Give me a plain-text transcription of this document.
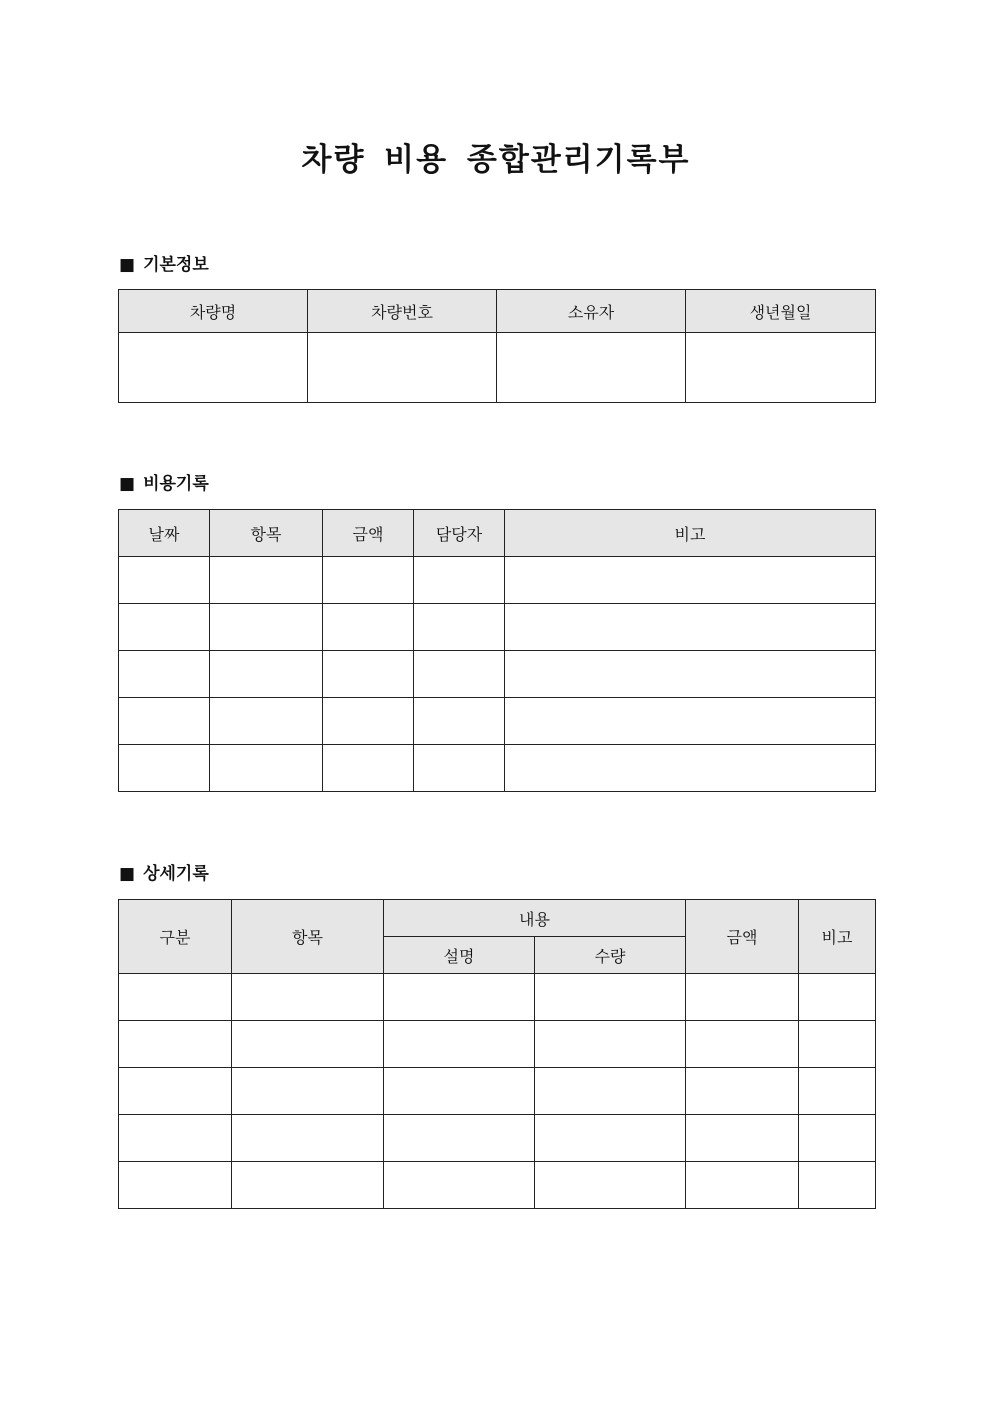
차량 비용 종합관리기록부
■ 기본정보
차량명	차량번호	소유자	생년월일

■ 비용기록
날짜	항목	금액	담당자	비고

■ 상세기록
구분	항목	내용		금액	비고
		설명	수량		
